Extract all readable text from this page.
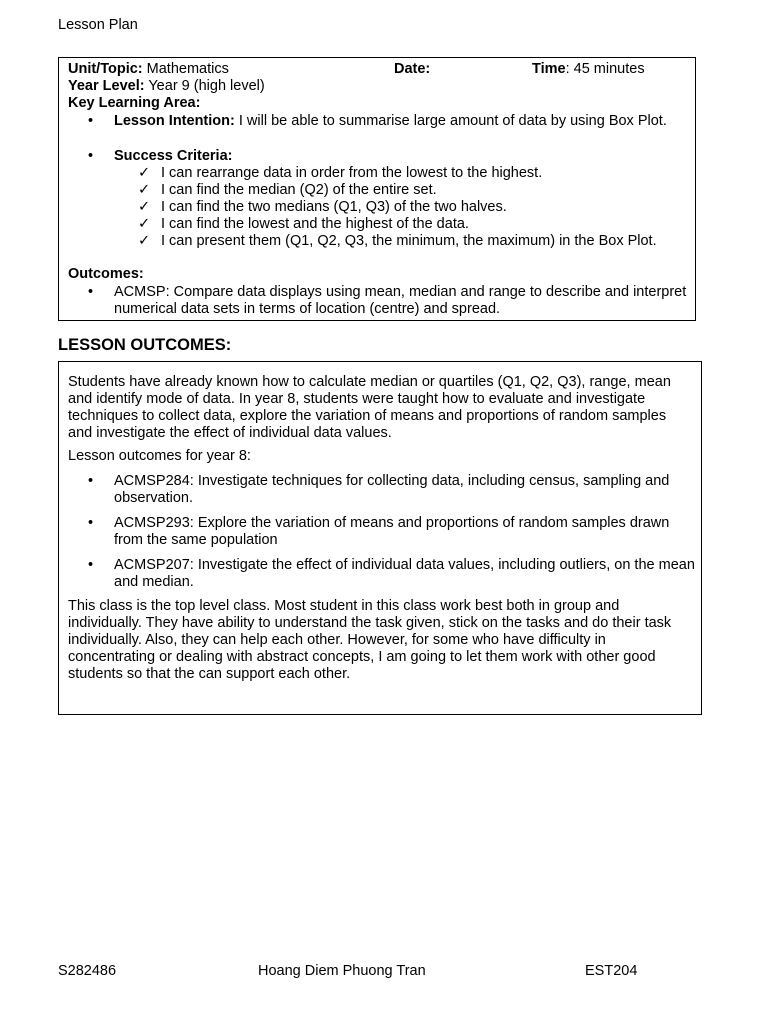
Lesson Plan
Unit/Topic: Mathematics	Date:	Time: 45 minutes
Year Level: Year 9 (high level)
Key Learning Area:
• Lesson Intention: I will be able to summarise large amount of data by using Box Plot.
• Success Criteria:
✓ I can rearrange data in order from the lowest to the highest.
✓ I can find the median (Q2) of the entire set.
✓ I can find the two medians (Q1, Q3) of the two halves.
✓ I can find the lowest and the highest of the data.
✓ I can present them (Q1, Q2, Q3, the minimum, the maximum) in the Box Plot.
Outcomes:
• ACMSP: Compare data displays using mean, median and range to describe and interpret numerical data sets in terms of location (centre) and spread.
LESSON OUTCOMES:
Students have already known how to calculate median or quartiles (Q1, Q2, Q3), range, mean and identify mode of data. In year 8, students were taught how to evaluate and investigate techniques to collect data, explore the variation of means and proportions of random samples and investigate the effect of individual data values.
Lesson outcomes for year 8:
• ACMSP284: Investigate techniques for collecting data, including census, sampling and observation.
• ACMSP293: Explore the variation of means and proportions of random samples drawn from the same population
• ACMSP207: Investigate the effect of individual data values, including outliers, on the mean and median.
This class is the top level class. Most student in this class work best both in group and individually. They have ability to understand the task given, stick on the tasks and do their task individually. Also, they can help each other. However, for some who have difficulty in concentrating or dealing with abstract concepts, I am going to let them work with other good students so that the can support each other.
S282486	Hoang Diem Phuong Tran	EST204
